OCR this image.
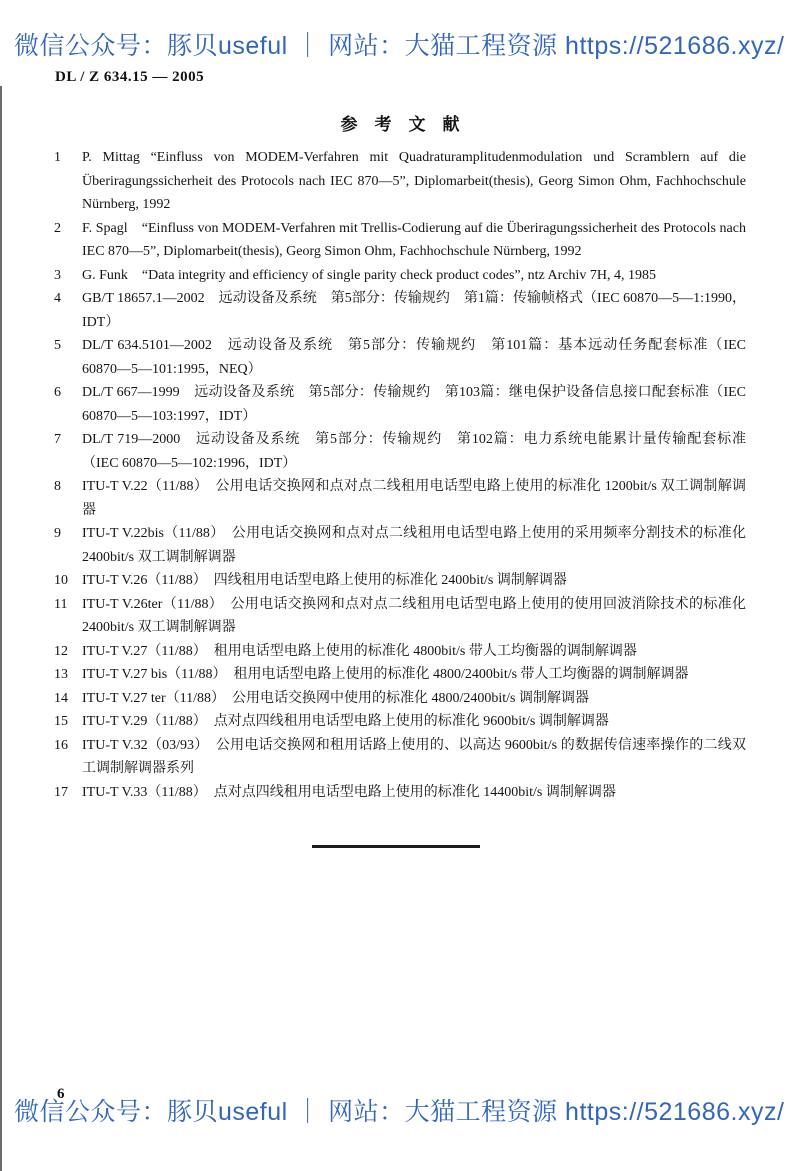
微信公众号：豚贝useful ｜ 网站：大猫工程资源 https://521686.xyz/
DL / Z 634.15 — 2005
参　考　文　献
1	P. Mittag “Einfluss von MODEM-Verfahren mit Quadraturamplitudenmodulation und Scramblern auf die Überiragungssicherheit des Protocols nach IEC 870—5”, Diplomarbeit(thesis), Georg Simon Ohm, Fachhochschule Nürnberg, 1992
2	F. Spagl　“Einfluss von MODEM-Verfahren mit Trellis-Codierung auf die Überiragungssicherheit des Protocols nach IEC 870—5”, Diplomarbeit(thesis), Georg Simon Ohm, Fachhochschule Nürnberg, 1992
3	G. Funk　“Data integrity and efficiency of single parity check product codes”, ntz Archiv 7H, 4, 1985
4	GB/T 18657.1—2002　远动设备及系统　第5部分：传输规约　第1篇：传输帧格式（IEC 60870—5—1:1990，IDT）
5	DL/T 634.5101—2002　远动设备及系统　第5部分：传输规约　第101篇：基本远动任务配套标准（IEC 60870—5—101:1995，NEQ）
6	DL/T 667—1999　远动设备及系统　第5部分：传输规约　第103篇：继电保护设备信息接口配套标准（IEC 60870—5—103:1997，IDT）
7	DL/T 719—2000　远动设备及系统　第5部分：传输规约　第102篇：电力系统电能累计量传输配套标准（IEC 60870—5—102:1996，IDT）
8	ITU-T V.22（11/88）　公用电话交换网和点对点二线租用电话型电路上使用的标准化 1200bit/s 双工调制解调器
9	ITU-T V.22bis（11/88）　公用电话交换网和点对点二线租用电话型电路上使用的采用频率分割技术的标准化 2400bit/s 双工调制解调器
10	ITU-T V.26（11/88）　四线租用电话型电路上使用的标准化 2400bit/s 调制解调器
11	ITU-T V.26ter（11/88）　公用电话交换网和点对点二线租用电话型电路上使用的使用回波消除技术的标准化 2400bit/s 双工调制解调器
12	ITU-T V.27（11/88）　租用电话型电路上使用的标准化 4800bit/s 带人工均衡器的调制解调器
13	ITU-T V.27 bis（11/88）　租用电话型电路上使用的标准化 4800/2400bit/s 带人工均衡器的调制解调器
14	ITU-T V.27 ter（11/88）　公用电话交换网中使用的标准化 4800/2400bit/s 调制解调器
15	ITU-T V.29（11/88）　点对点四线租用电话型电路上使用的标准化 9600bit/s 调制解调器
16	ITU-T V.32（03/93）　公用电话交换网和租用话路上使用的、以高达 9600bit/s 的数据传信速率操作的二线双工调制解调器系列
17	ITU-T V.33（11/88）　点对点四线租用电话型电路上使用的标准化 14400bit/s 调制解调器
6
微信公众号：豚贝useful ｜ 网站：大猫工程资源 https://521686.xyz/
